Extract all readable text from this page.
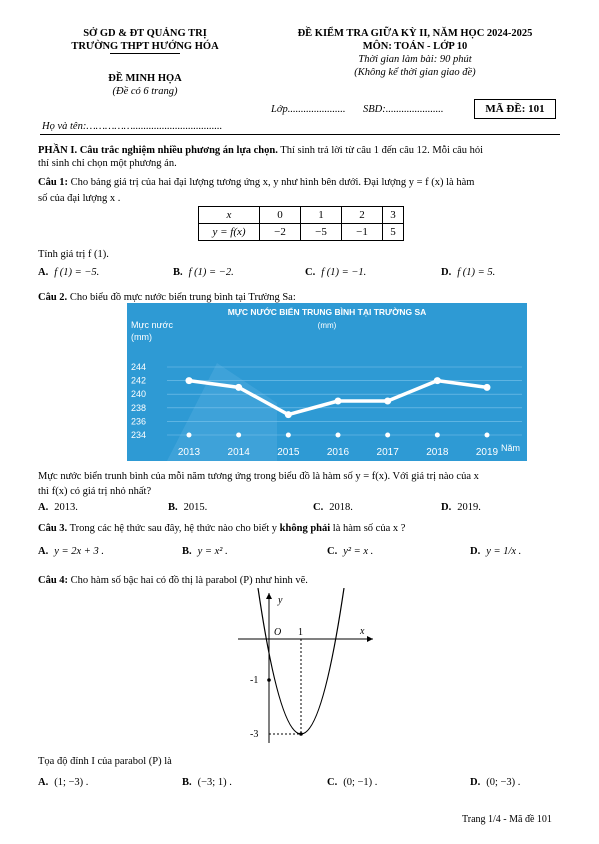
SỞ GD & ĐT QUẢNG TRỊ
TRƯỜNG THPT HƯỚNG HÓA
ĐỀ MINH HỌA
(Đề có 6 trang)
ĐỀ KIỂM TRA GIỮA KỲ II, NĂM HỌC 2024-2025
MÔN: TOÁN - LỚP 10
Thời gian làm bài: 90 phút
(Không kể thời gian giao đề)
Lớp...................... SBD:......................	MÃ ĐỀ: 101
Họ và tên:……………..................................
PHẦN I. Câu trắc nghiệm nhiều phương án lựa chọn. Thí sinh trả lời từ câu 1 đến câu 12. Mỗi câu hỏi
thí sinh chỉ chọn một phương án.
Câu 1: Cho bảng giá trị của hai đại lượng tương ứng x, y như hình bên dưới. Đại lượng y = f (x) là hàm
số của đại lượng x .
x	0	1	2	3
y = f(x)	−2	−5	−1	5
Tính giá trị f (1).
A. f (1) = −5.	B. f (1) = −2.	C. f (1) = −1.	D. f (1) = 5.
Câu 2. Cho biểu đồ mực nước biển trung bình tại Trường Sa:
MỰC NƯỚC BIỂN TRUNG BÌNH TẠI TRƯỜNG SA
(mm)
Mực nước
(mm)
Năm
244
242
240
238
236
234
2013	2014	2015	2016	2017	2018	2019
Mực nước biển trunh bình của mỗi năm tương ứng trong biểu đồ là hàm số y = f(x). Với giá trị nào của x
thì f(x) có giá trị nhỏ nhất?
A. 2013.	B. 2015.	C. 2018.	D. 2019.
Câu 3. Trong các hệ thức sau đây, hệ thức nào cho biết y không phải là hàm số của x ?
A. y = 2x + 3 .	B. y = x² .	C. y² = x .	D. y = 1/x .
Câu 4: Cho hàm số bậc hai có đồ thị là parabol (P) như hình vẽ.
y
x
O 1
-1
-3
Tọa độ đỉnh I của parabol (P) là
A. (1; −3) .	B. (−3; 1) .	C. (0; −1) .	D. (0; −3) .
Trang 1/4 - Mã đề 101
